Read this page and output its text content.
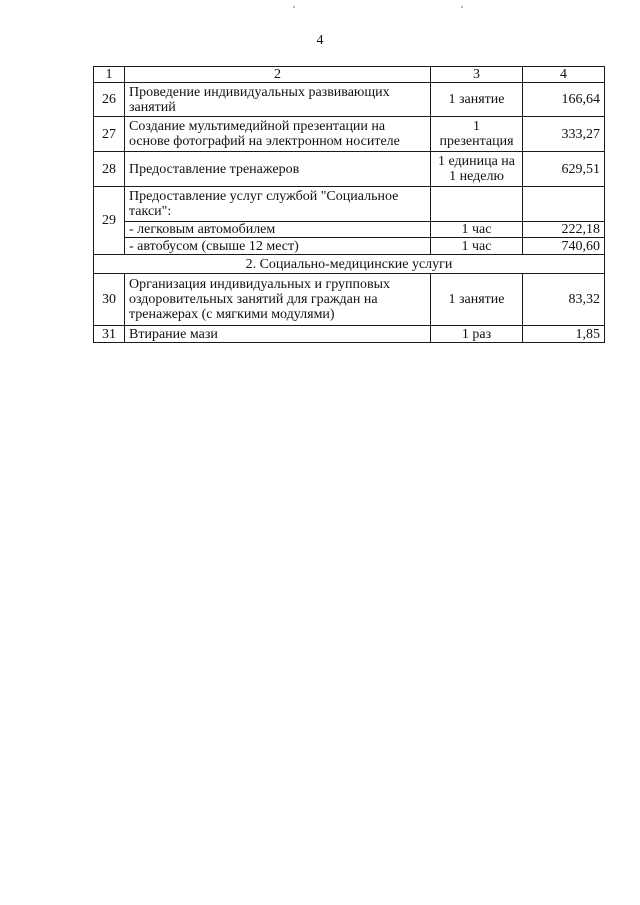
4
1	2	3	4
26	Проведение индивидуальных развивающих занятий	1 занятие	166,64
27	Создание мультимедийной презентации на основе фотографий на электронном носителе	1 презентация	333,27
28	Предоставление тренажеров	1 единица на 1 неделю	629,51
29	Предоставление услуг службой "Социальное такси":		
	- легковым автомобилем	1 час	222,18
	- автобусом (свыше 12 мест)	1 час	740,60
2. Социально-медицинские услуги			
30	Организация индивидуальных и групповых оздоровительных занятий для граждан на тренажерах (с мягкими модулями)	1 занятие	83,32
31	Втирание мази	1 раз	1,85
